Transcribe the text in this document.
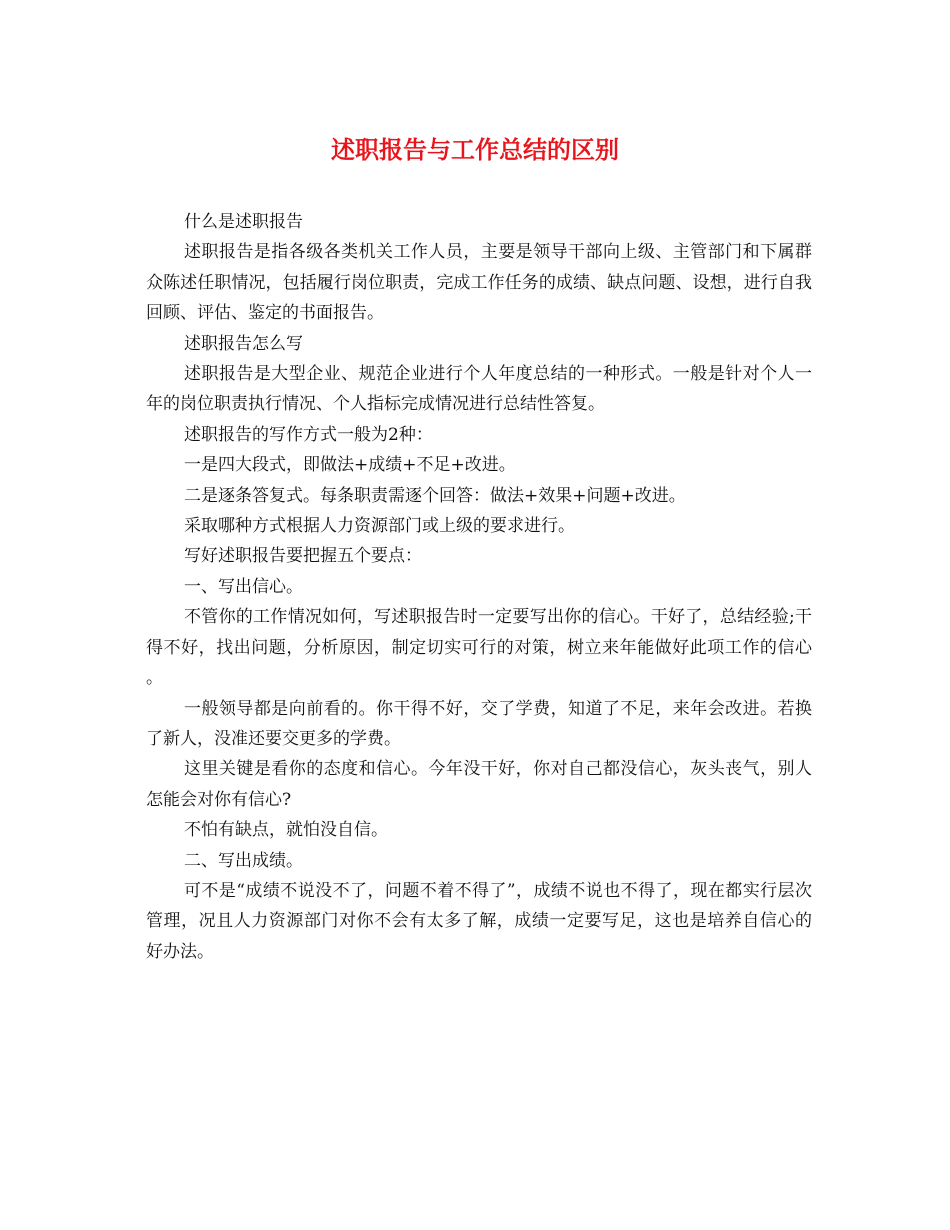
述职报告与工作总结的区别

什么是述职报告

述职报告是指各级各类机关工作人员，主要是领导干部向上级、主管部门和下属群众陈述任职情况，包括履行岗位职责，完成工作任务的成绩、缺点问题、设想，进行自我回顾、评估、鉴定的书面报告。

述职报告怎么写

述职报告是大型企业、规范企业进行个人年度总结的一种形式。一般是针对个人一年的岗位职责执行情况、个人指标完成情况进行总结性答复。

述职报告的写作方式一般为2种：

一是四大段式，即做法+成绩+不足+改进。

二是逐条答复式。每条职责需逐个回答：做法+效果+问题+改进。

采取哪种方式根据人力资源部门或上级的要求进行。

写好述职报告要把握五个要点：

一、写出信心。

不管你的工作情况如何，写述职报告时一定要写出你的信心。干好了，总结经验;干得不好，找出问题，分析原因，制定切实可行的对策，树立来年能做好此项工作的信心 。

一般领导都是向前看的。你干得不好，交了学费，知道了不足，来年会改进。若换了新人，没准还要交更多的学费。

这里关键是看你的态度和信心。今年没干好，你对自己都没信心，灰头丧气，别人怎能会对你有信心?

不怕有缺点，就怕没自信。

二、写出成绩。

可不是“成绩不说没不了，问题不着不得了”，成绩不说也不得了，现在都实行层次管理，况且人力资源部门对你不会有太多了解，成绩一定要写足，这也是培养自信心的 好办法。
